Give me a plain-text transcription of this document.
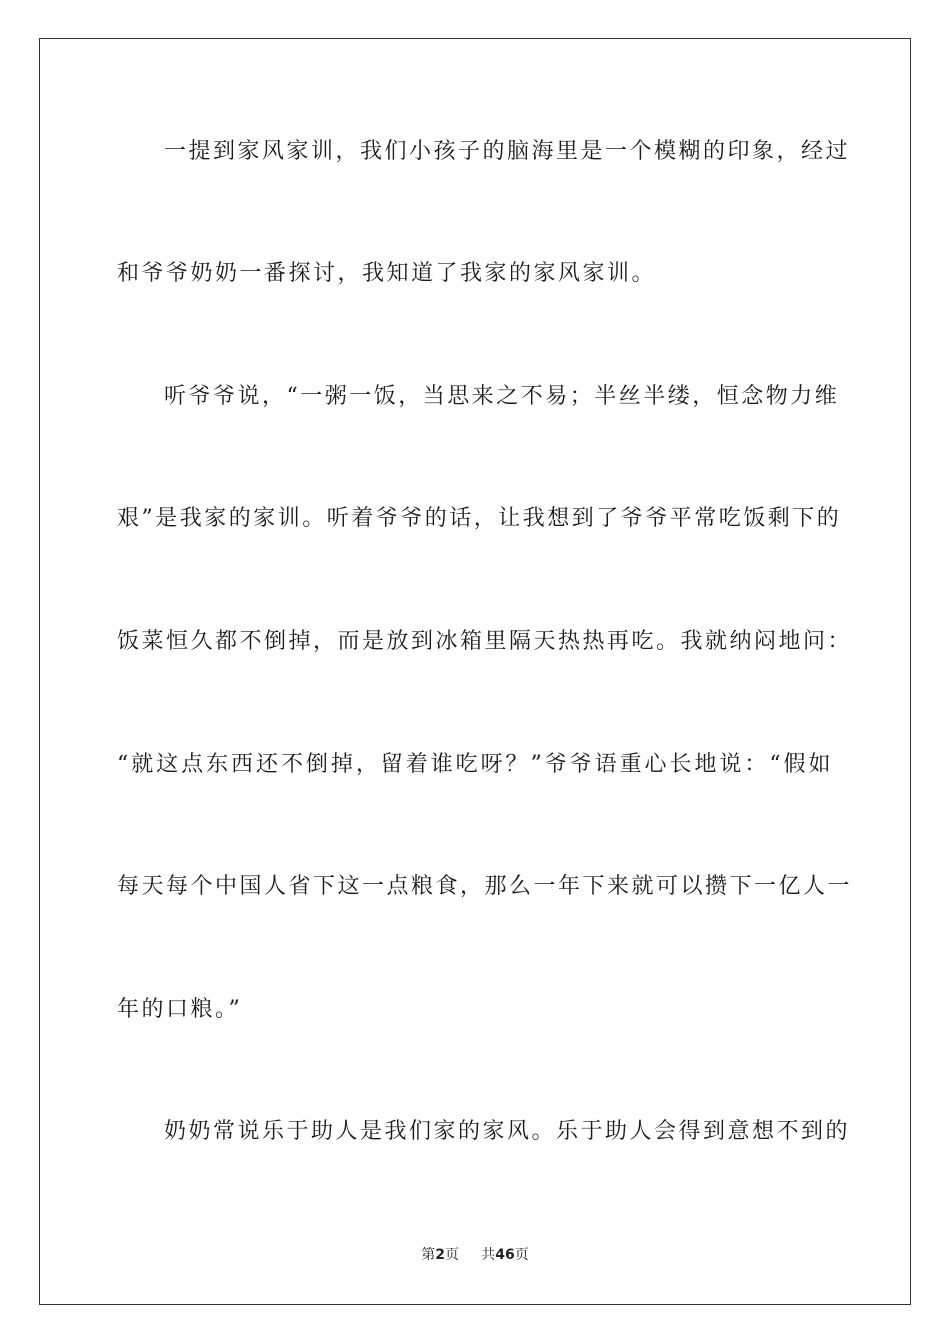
一提到家风家训，我们小孩子的脑海里是一个模糊的印象，经过
和爷爷奶奶一番探讨，我知道了我家的家风家训。
听爷爷说，“一粥一饭，当思来之不易；半丝半缕，恒念物力维
艰”是我家的家训。听着爷爷的话，让我想到了爷爷平常吃饭剩下的
饭菜恒久都不倒掉，而是放到冰箱里隔天热热再吃。我就纳闷地问：
“就这点东西还不倒掉，留着谁吃呀？”爷爷语重心长地说：“假如
每天每个中国人省下这一点粮食，那么一年下来就可以攒下一亿人一
年的口粮。”
奶奶常说乐于助人是我们家的家风。乐于助人会得到意想不到的
第2页 共46页
